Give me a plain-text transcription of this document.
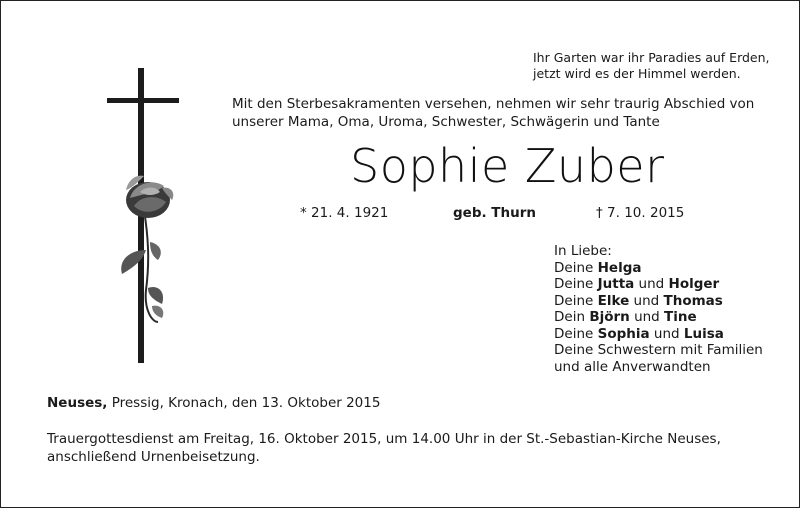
Ihr Garten war ihr Paradies auf Erden,
jetzt wird es der Himmel werden.
Mit den Sterbesakramenten versehen, nehmen wir sehr traurig Abschied von
unserer Mama, Oma, Uroma, Schwester, Schwägerin und Tante
Sophie Zuber
* 21. 4. 1921	geb. Thurn	† 7. 10. 2015
In Liebe:
Deine Helga
Deine Jutta und Holger
Deine Elke und Thomas
Dein Björn und Tine
Deine Sophia und Luisa
Deine Schwestern mit Familien
und alle Anverwandten
Neuses, Pressig, Kronach, den 13. Oktober 2015
Trauergottesdienst am Freitag, 16. Oktober 2015, um 14.00 Uhr in der St.-Sebastian-Kirche Neuses,
anschließend Urnenbeisetzung.
